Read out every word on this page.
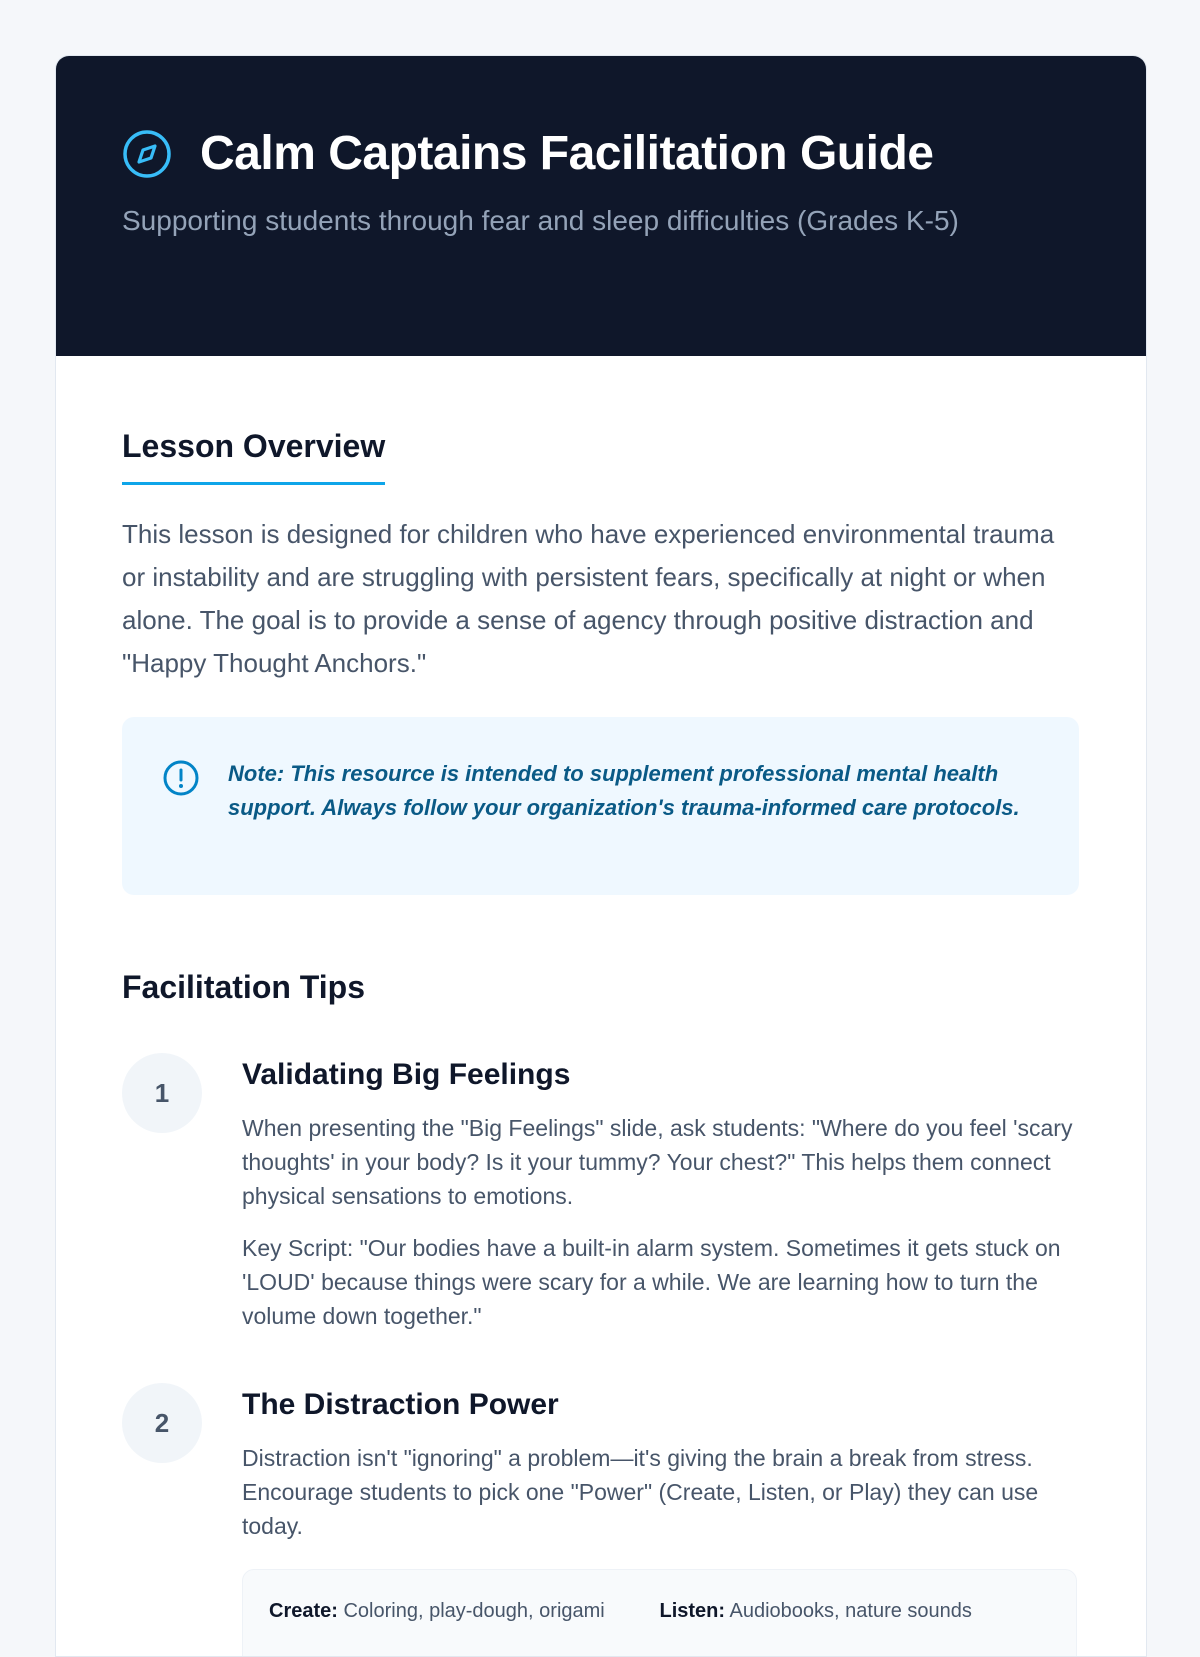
Calm Captains Facilitation Guide

Supporting students through fear and sleep difficulties (Grades K-5)

Lesson Overview

This lesson is designed for children who have experienced environmental trauma or instability and are struggling with persistent fears, specifically at night or when alone. The goal is to provide a sense of agency through positive distraction and "Happy Thought Anchors."

Note: This resource is intended to supplement professional mental health support. Always follow your organization's trauma-informed care protocols.

Facilitation Tips
1
Validating Big Feelings

When presenting the "Big Feelings" slide, ask students: "Where do you feel 'scary thoughts' in your body? Is it your tummy? Your chest?" This helps them connect physical sensations to emotions.

Key Script: "Our bodies have a built-in alarm system. Sometimes it gets stuck on 'LOUD' because things were scary for a while. We are learning how to turn the volume down together."

2
The Distraction Power

Distraction isn't "ignoring" a problem—it's giving the brain a break from stress. Encourage students to pick one "Power" (Create, Listen, or Play) they can use today.

Create: Coloring, play-dough, origami	Listen: Audiobooks, nature sounds
